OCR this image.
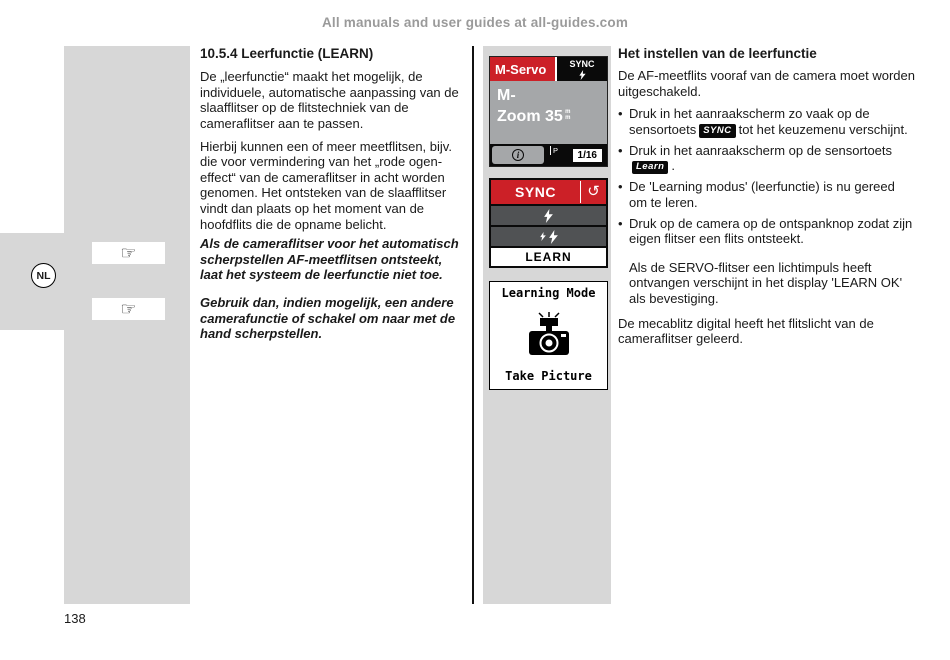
All manuals and user guides at all-guides.com
NL
☞
☞
10.5.4 Leerfunctie (LEARN)

De „leerfunctie“ maakt het mogelijk, de individuele, automatische aanpassing van de slaafflitser op de flitstechniek van de cameraflitser aan te passen.

Hierbij kunnen een of meer meetflitsen, bijv. die voor vermindering van het „rode ogen-effect“ van de cameraflitser in acht worden genomen. Het ontsteken van de slaafflitser vindt dan plaats op het moment van de hoofdflits die de opname belicht.

Als de cameraflitser voor het automatisch scherpstellen AF-meetflitsen ontsteekt, laat het systeem de leerfunctie niet toe.
Gebruik dan, indien mogelijk, een andere camerafunctie of schakel om naar met de hand scherpstellen.
M-Servo	SYNC
M-
Zoom 35 mm
i	P	1/16
SYNC	↺
LEARN
Learning Mode
Take Picture
Het instellen van de leerfunctie

De AF-meetflits vooraf van de camera moet worden uitgeschakeld.

• Druk in het aanraakscherm zo vaak op de sensortoets SYNC tot het keuzemenu verschijnt.
• Druk in het aanraakscherm op de sensortoetsLearn .
• De 'Learning modus' (leerfunctie) is nu gereed om te leren.
• Druk op de camera op de ontspanknop zodat zijn eigen flitser een flits ontsteekt.

Als de SERVO-flitser een lichtimpuls heeft ontvangen verschijnt in het display 'LEARN OK' als bevestiging.

De mecablitz digital heeft het flitslicht van de cameraflitser geleerd.

138
